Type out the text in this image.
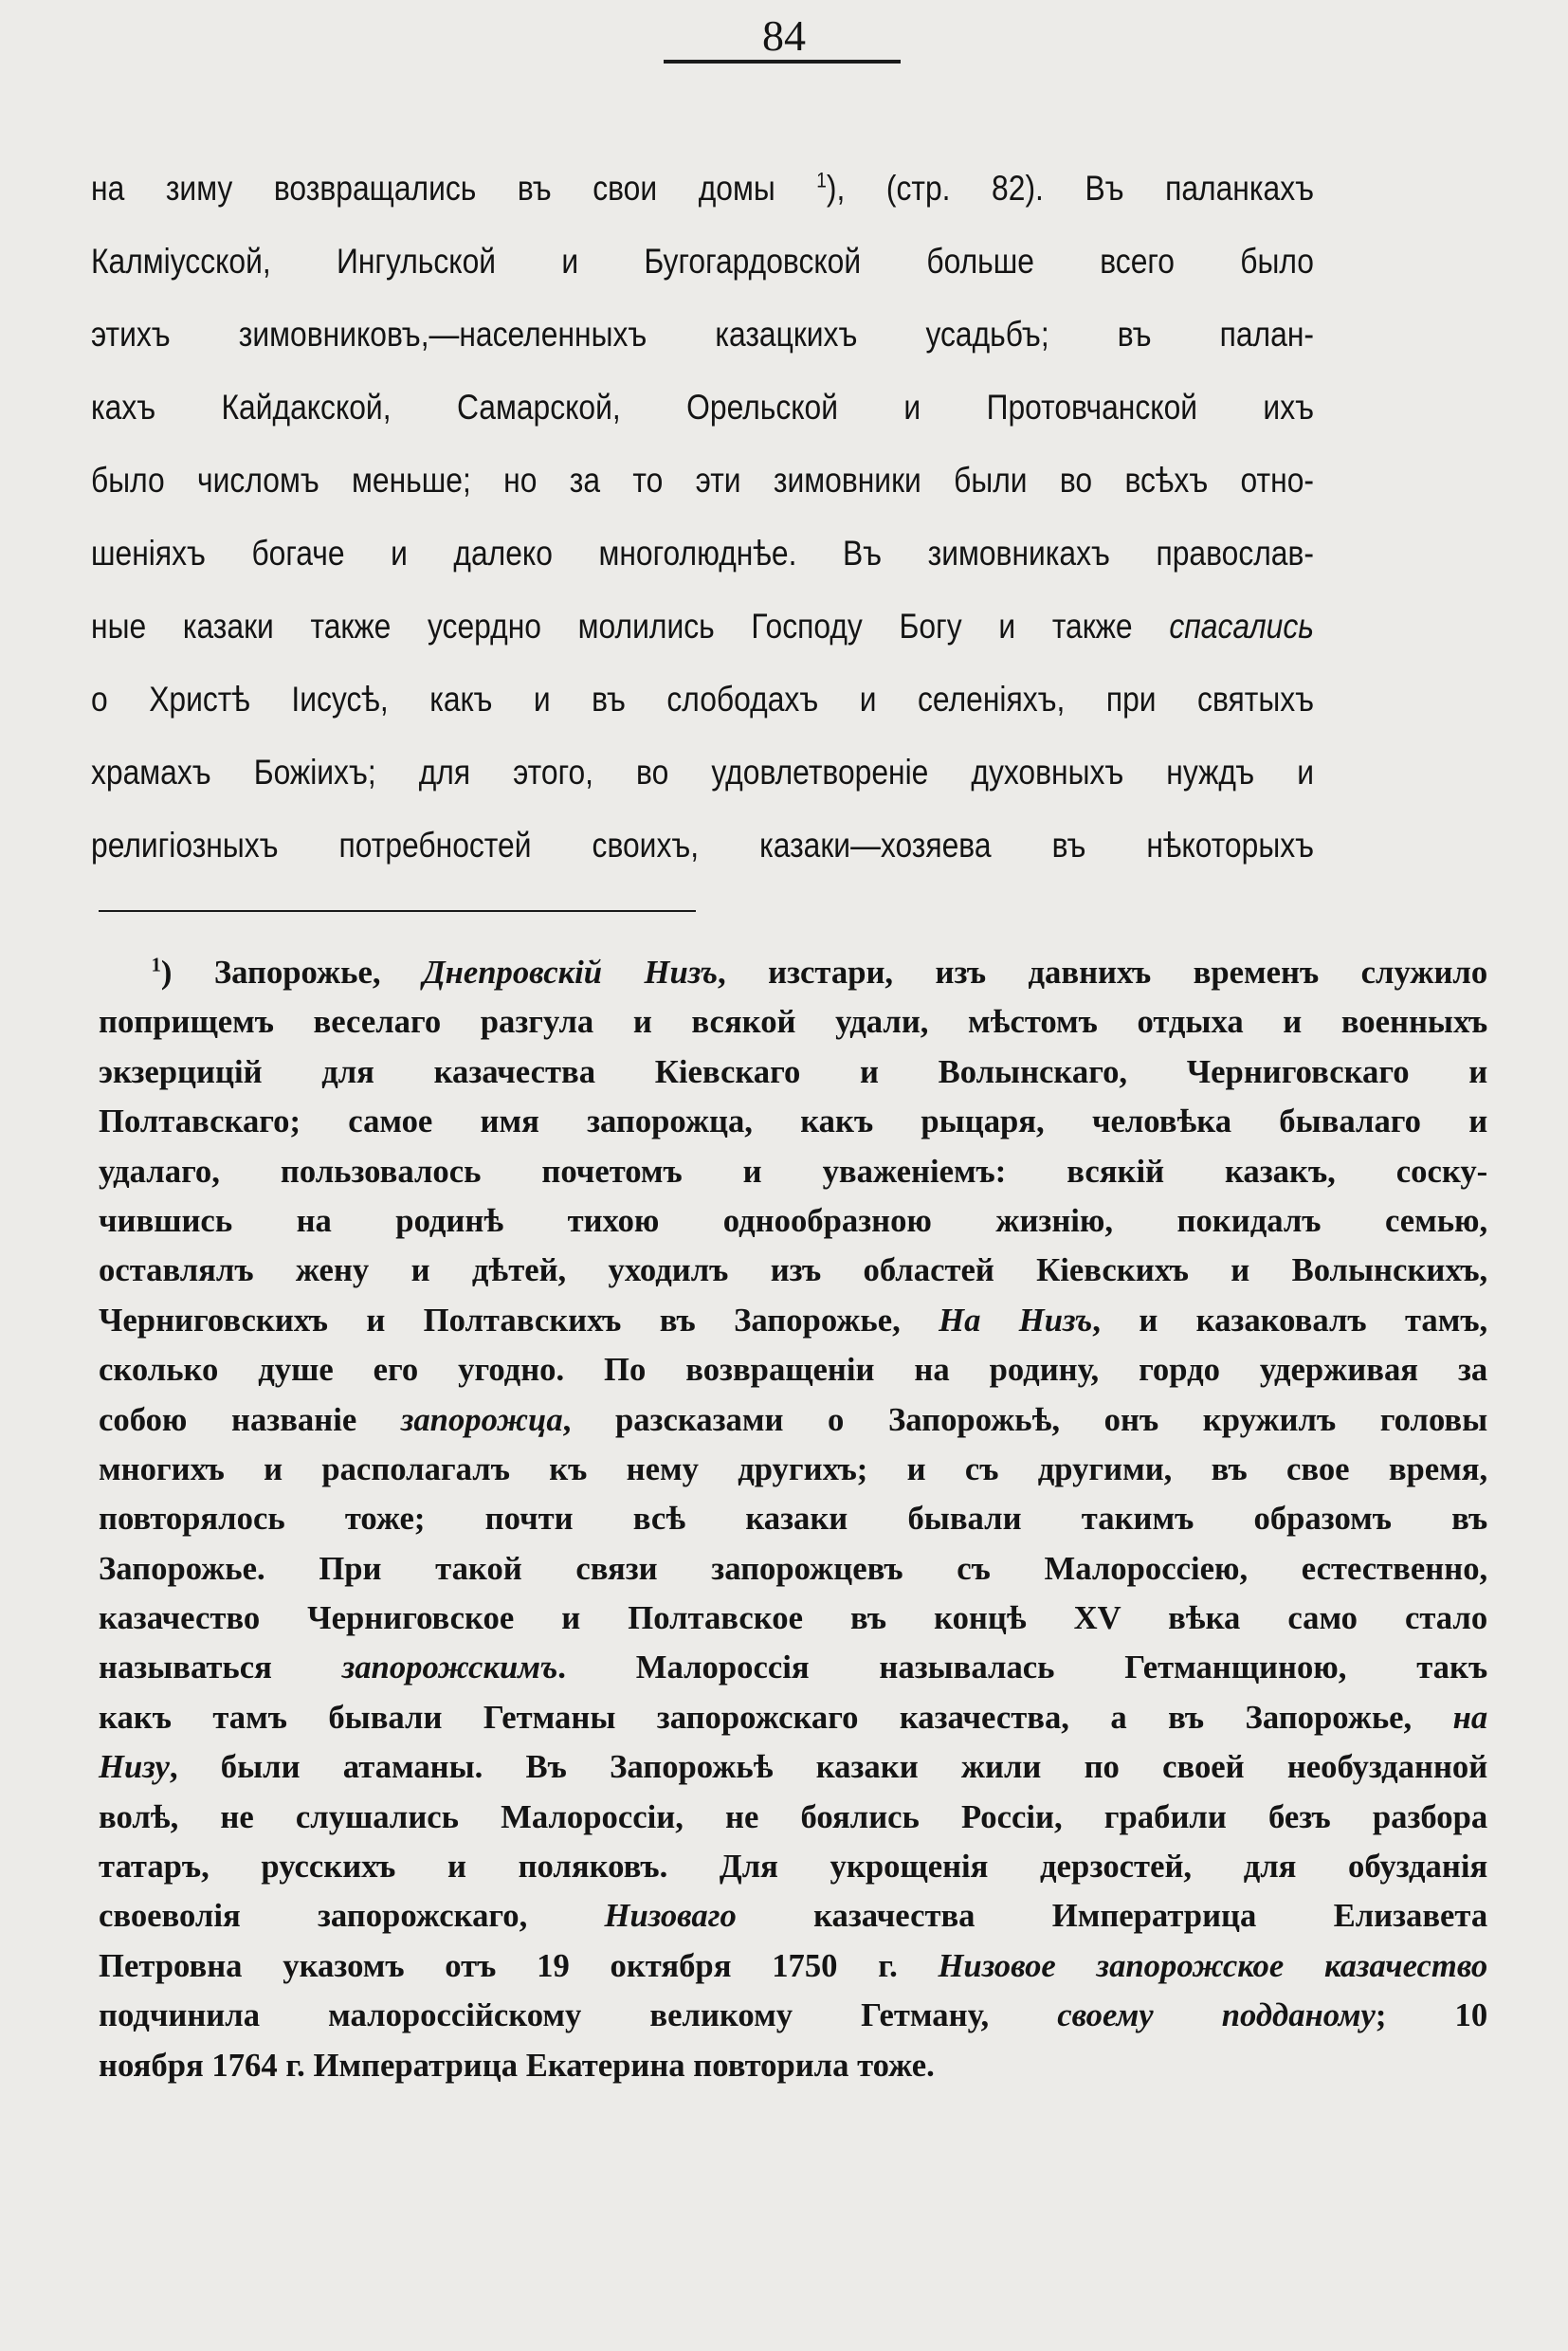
84
на зиму возвращались въ свои домы $^1$), (стр. 82). Въ паланкахъ
Калміусской, Ингульской и Бугогардовской больше всего было
этихъ зимовниковъ,—населенныхъ казацкихъ усадьбъ; въ палан-
кахъ Кайдакской, Самарской, Орельской и Протовчанской ихъ
было числомъ меньше; но за то эти зимовники были во всѣхъ отно-
шеніяхъ богаче и далеко многолюднѣе. Въ зимовникахъ православ-
ные казаки также усердно молились Господу Богу и также спасались
о Христѣ Іисусѣ, какъ и въ слободахъ и селеніяхъ, при святыхъ
храмахъ Божіихъ; для этого, во удовлетвореніе духовныхъ нуждъ и
религіозныхъ потребностей своихъ, казаки—хозяева въ нѣкоторыхъ
$^1$) Запорожье, Днепровскій Низъ, изстари, изъ давнихъ временъ служило
поприщемъ веселаго разгула и всякой удали, мѣстомъ отдыха и военныхъ
экзерцицій для казачества Кіевскаго и Волынскаго, Черниговскаго и
Полтавскаго; самое имя запорожца, какъ рыцаря, человѣка бывалаго и
удалаго, пользовалось почетомъ и уваженіемъ: всякій казакъ, соску-
чившись на родинѣ тихою однообразною жизнію, покидалъ семью,
оставлялъ жену и дѣтей, уходилъ изъ областей Кіевскихъ и Волынскихъ,
Черниговскихъ и Полтавскихъ въ Запорожье, На Низъ, и казаковалъ тамъ,
сколько душе его угодно. По возвращеніи на родину, гордо удерживая за
собою названіе запорожца, разсказами о Запорожьѣ, онъ кружилъ головы
многихъ и располагалъ къ нему другихъ; и съ другими, въ свое время,
повторялось тоже; почти всѣ казаки бывали такимъ образомъ въ
Запорожье. При такой связи запорожцевъ съ Малороссіею, естественно,
казачество Черниговское и Полтавское въ концѣ XV вѣка само стало
называться запорожскимъ. Малороссія называлась Гетманщиною, такъ
какъ тамъ бывали Гетманы запорожскаго казачества, а въ Запорожье, на
Низу, были атаманы. Въ Запорожьѣ казаки жили по своей необузданной
волѣ, не слушались Малороссіи, не боялись Россіи, грабили безъ разбора
татаръ, русскихъ и поляковъ. Для укрощенія дерзостей, для обузданія
своеволія запорожскаго, Низоваго казачества Императрица Елизавета
Петровна указомъ отъ 19 октября 1750 г. Низовое запорожское казачество
подчинила малороссійскому великому Гетману, своему подданому; 10
ноября 1764 г. Императрица Екатерина повторила тоже.
